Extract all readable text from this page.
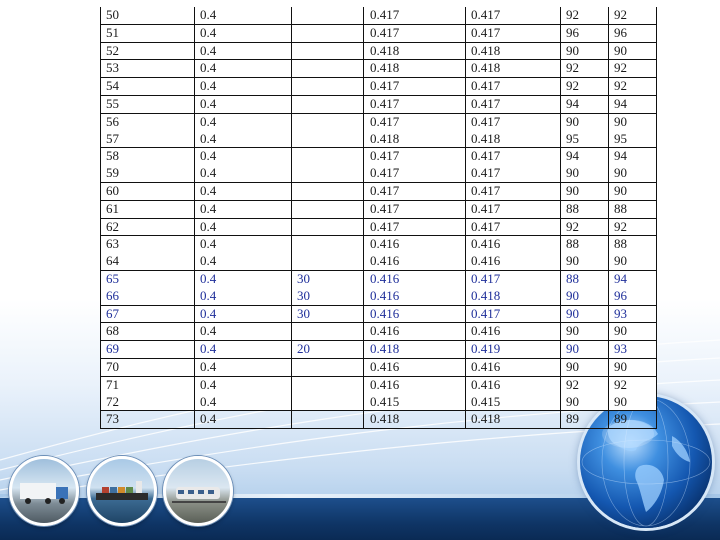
50	0.4		0.417	0.417	92	92
51	0.4		0.417	0.417	96	96
52	0.4		0.418	0.418	90	90
53	0.4		0.418	0.418	92	92
54	0.4		0.417	0.417	92	92
55	0.4		0.417	0.417	94	94
56	0.4		0.417	0.417	90	90
57	0.4		0.418	0.418	95	95
58	0.4		0.417	0.417	94	94
59	0.4		0.417	0.417	90	90
60	0.4		0.417	0.417	90	90
61	0.4		0.417	0.417	88	88
62	0.4		0.417	0.417	92	92
63	0.4		0.416	0.416	88	88
64	0.4		0.416	0.416	90	90
65	0.4	30	0.416	0.417	88	94
66	0.4	30	0.416	0.418	90	96
67	0.4	30	0.416	0.417	90	93
68	0.4		0.416	0.416	90	90
69	0.4	20	0.418	0.419	90	93
70	0.4		0.416	0.416	90	90
71	0.4		0.416	0.416	92	92
72	0.4		0.415	0.415	90	90
73	0.4		0.418	0.418	89	89
